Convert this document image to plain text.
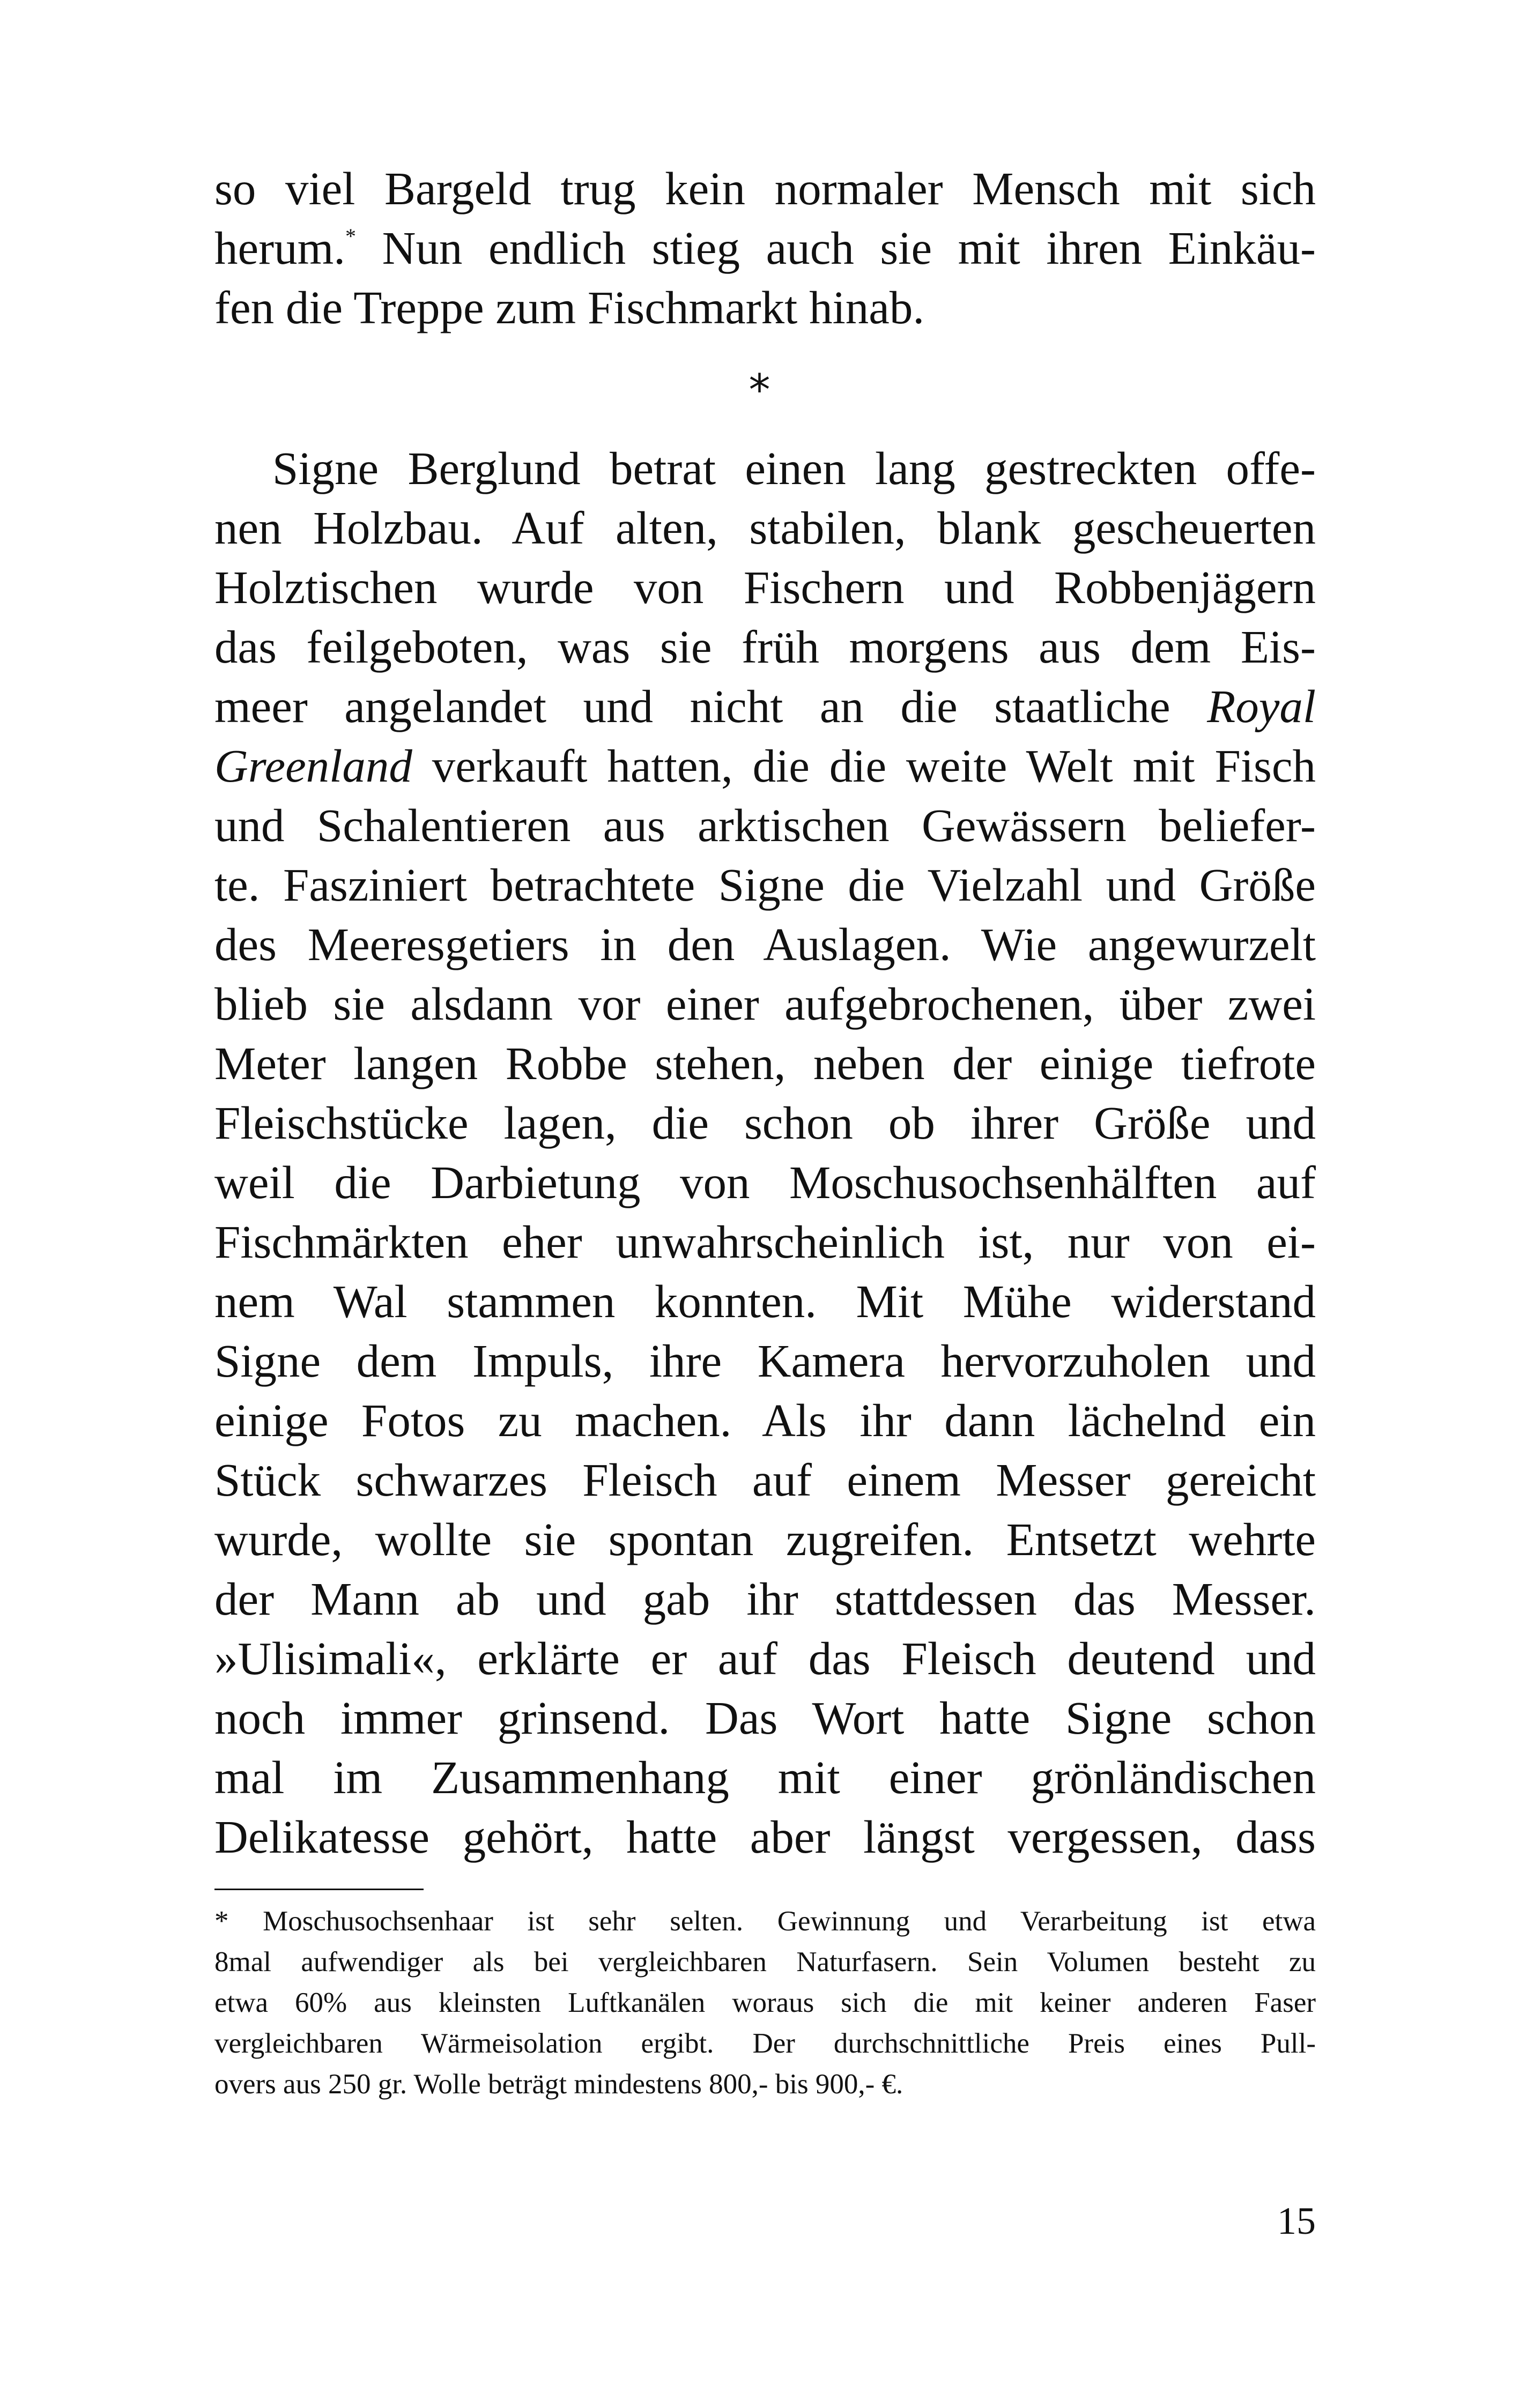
so viel Bargeld trug kein normaler Mensch mit sich
herum.* Nun endlich stieg auch sie mit ihren Einkäu-
fen die Treppe zum Fischmarkt hinab.
*
Signe Berglund betrat einen lang gestreckten offe-
nen Holzbau. Auf alten, stabilen, blank gescheuerten
Holztischen wurde von Fischern und Robbenjägern
das feilgeboten, was sie früh morgens aus dem Eis-
meer angelandet und nicht an die staatliche Royal
Greenland verkauft hatten, die die weite Welt mit Fisch
und Schalentieren aus arktischen Gewässern beliefer-
te. Fasziniert betrachtete Signe die Vielzahl und Größe
des Meeresgetiers in den Auslagen. Wie angewurzelt
blieb sie alsdann vor einer aufgebrochenen, über zwei
Meter langen Robbe stehen, neben der einige tiefrote
Fleischstücke lagen, die schon ob ihrer Größe und
weil die Darbietung von Moschusochsenhälften auf
Fischmärkten eher unwahrscheinlich ist, nur von ei-
nem Wal stammen konnten. Mit Mühe widerstand
Signe dem Impuls, ihre Kamera hervorzuholen und
einige Fotos zu machen. Als ihr dann lächelnd ein
Stück schwarzes Fleisch auf einem Messer gereicht
wurde, wollte sie spontan zugreifen. Entsetzt wehrte
der Mann ab und gab ihr stattdessen das Messer.
»Ulisimali«, erklärte er auf das Fleisch deutend und
noch immer grinsend. Das Wort hatte Signe schon
mal im Zusammenhang mit einer grönländischen
Delikatesse gehört, hatte aber längst vergessen, dass
* Moschusochsenhaar ist sehr selten. Gewinnung und Verarbeitung ist etwa
8mal aufwendiger als bei vergleichbaren Naturfasern. Sein Volumen besteht zu
etwa 60% aus kleinsten Luftkanälen woraus sich die mit keiner anderen Faser
vergleichbaren Wärmeisolation ergibt. Der durchschnittliche Preis eines Pull-
overs aus 250 gr. Wolle beträgt mindestens 800,- bis 900,- €.
15
